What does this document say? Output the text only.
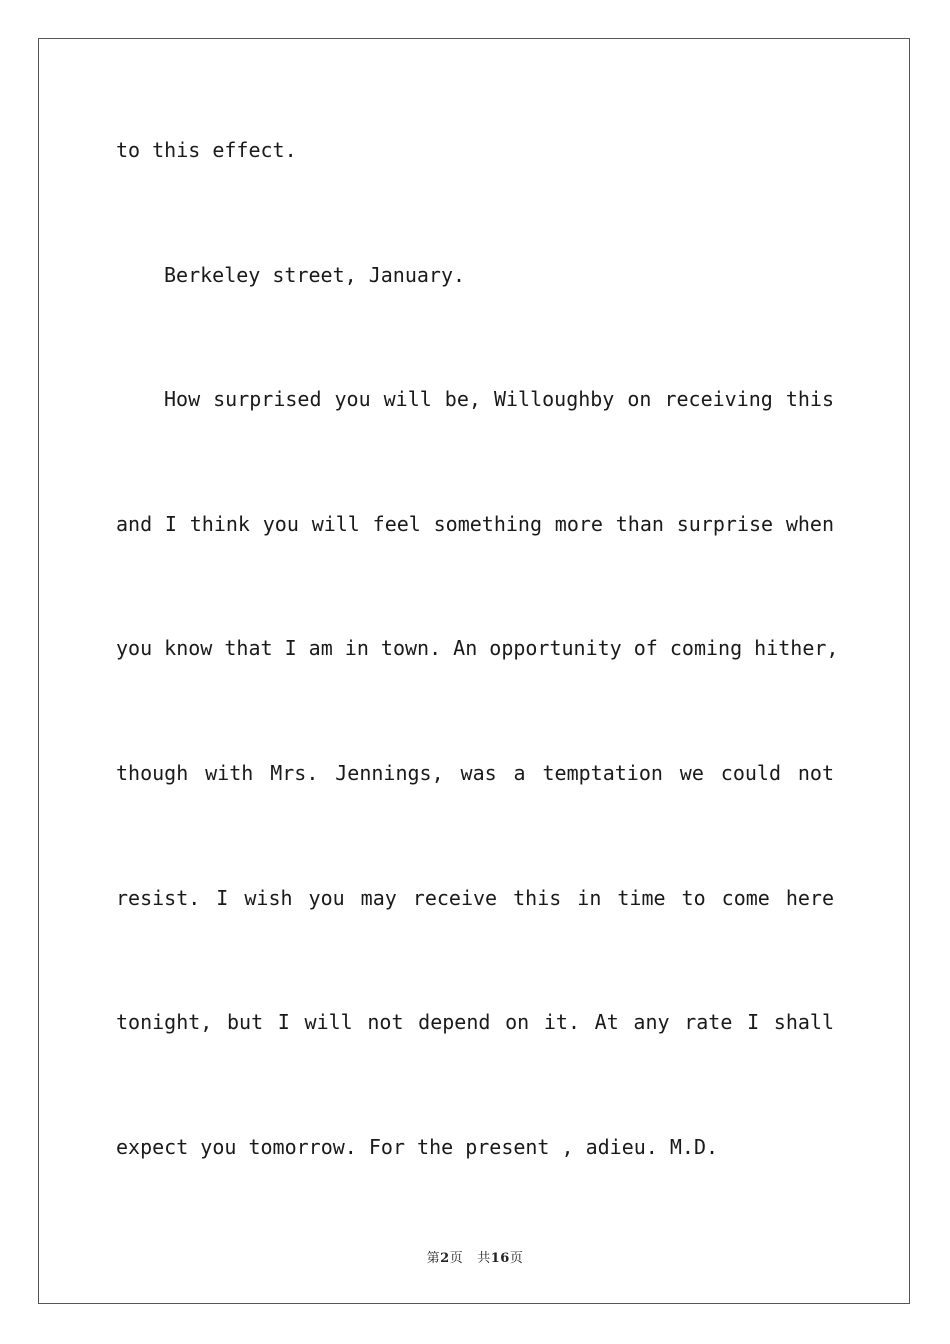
to this effect.
Berkeley street, January.
How surprised you will be, Willoughby on receiving this
and I think you will feel something more than surprise when
you know that I am in town. An opportunity of coming hither,
though with Mrs. Jennings, was a temptation we could not
resist. I wish you may receive this in time to come here
tonight, but I will not depend on it. At any rate I shall
expect you tomorrow. For the present , adieu. M.D.
第2页 共16页
